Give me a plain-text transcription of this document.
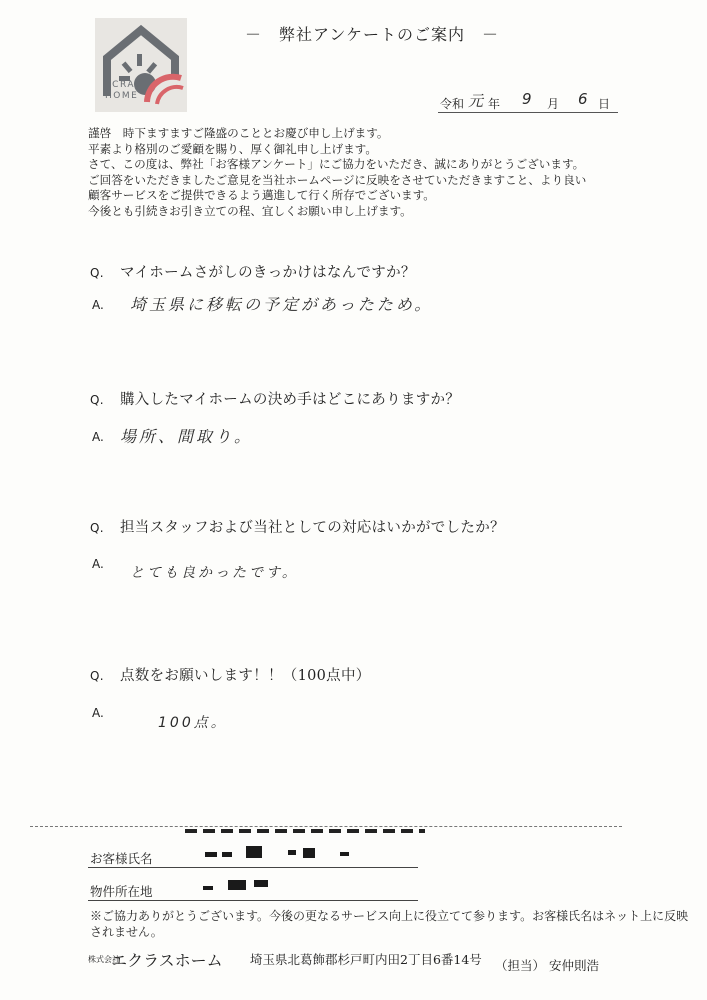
ECRAS
HOME
－　弊社アンケートのご案内　－
令和 元 年 9 月 6 日
謹啓　時下ますますご隆盛のこととお慶び申し上げます。
平素より格別のご愛顧を賜り、厚く御礼申し上げます。
さて、この度は、弊社「お客様アンケート」にご協力をいただき、誠にありがとうございます。
ご回答をいただきましたご意見を当社ホームページに反映をさせていただきますこと、より良い
顧客サービスをご提供できるよう邁進して行く所存でございます。
今後とも引続きお引き立ての程、宜しくお願い申し上げます。
Q. マイホームさがしのきっかけはなんですか？
A. 埼玉県に移転の予定があったため。
Q. 購入したマイホームの決め手はどこにありますか？
A. 場所、間取り。
Q. 担当スタッフおよび当社としての対応はいかがでしたか？
A.
とても良かったです。
Q. 点数をお願いします！！（100点中）
A.
100点。
お客様氏名
物件所在地
※ご協力ありがとうございます。今後の更なるサービス向上に役立てて参ります。お客様氏名はネット上に反映されません。
株式会社 エクラスホーム 埼玉県北葛飾郡杉戸町内田2丁目6番14号 （担当） 安仲則浩
